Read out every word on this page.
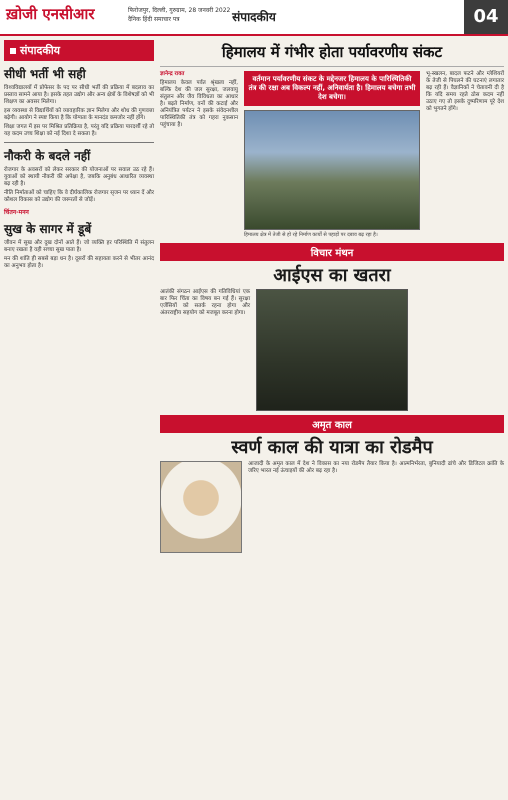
ख़ोजी एनसीआर	फिरोजपुर, दिल्ली, गुरुग्राम, 28 जनवरी 2022
दैनिक हिंदी समाचार पत्र	संपादकीय	04
संपादकीय
सीधी भर्ती भी सही

विश्वविद्यालयों में प्रोफेसर के पद पर सीधी भर्ती की प्रक्रिया में बदलाव का प्रस्ताव सामने आया है। इसके तहत उद्योग और अन्य क्षेत्रों के विशेषज्ञों को भी शिक्षण का अवसर मिलेगा।

इस व्यवस्था से विद्यार्थियों को व्यावहारिक ज्ञान मिलेगा और शोध की गुणवत्ता बढ़ेगी। आयोग ने स्पष्ट किया है कि योग्यता के मानदंड कमजोर नहीं होंगे।

शिक्षा जगत में इस पर मिश्रित प्रतिक्रिया है, परंतु यदि प्रक्रिया पारदर्शी रहे तो यह कदम उच्च शिक्षा को नई दिशा दे सकता है।

नौकरी के बदले नहीं

रोजगार के अवसरों को लेकर सरकार की योजनाओं पर सवाल उठ रहे हैं। युवाओं को स्थायी नौकरी की अपेक्षा है, जबकि अनुबंध आधारित व्यवस्था बढ़ रही है।

नीति निर्माताओं को चाहिए कि वे दीर्घकालिक रोजगार सृजन पर ध्यान दें और कौशल विकास को उद्योग की जरूरतों से जोड़ें।

चिंतन-मनन
सुख के सागर में डूबें

जीवन में सुख और दुख दोनों आते हैं। जो व्यक्ति हर परिस्थिति में संतुलन बनाए रखता है वही सच्चा सुख पाता है।

मन की शांति ही सबसे बड़ा धन है। दूसरों की सहायता करने से भीतर आनंद का अनुभव होता है।

हिमालय में गंभीर होता पर्यावरणीय संकट

ज्ञानेन्द्र रावत

हिमालय केवल पर्वत श्रृंखला नहीं, बल्कि देश की जल सुरक्षा, जलवायु संतुलन और जैव विविधता का आधार है। बढ़ते निर्माण, वनों की कटाई और अनियंत्रित पर्यटन ने इसके संवेदनशील पारिस्थितिकी तंत्र को गहरा नुकसान पहुंचाया है।

वर्तमान पर्यावरणीय संकट के मद्देनजर हिमालय के पारिस्थितिकी तंत्र की रक्षा अब विकल्प नहीं, अनिवार्यता है। हिमालय बचेगा तभी देश बचेगा।
हिमालय क्षेत्र में तेजी से हो रहे निर्माण कार्यों से पहाड़ों पर दबाव बढ़ रहा है।

भू-स्खलन, बादल फटने और ग्लेशियरों के तेजी से पिघलने की घटनाएं लगातार बढ़ रही हैं। वैज्ञानिकों ने चेतावनी दी है कि यदि समय रहते ठोस कदम नहीं उठाए गए तो इसके दुष्परिणाम पूरे देश को भुगतने होंगे।

विचार मंथन
आईएस का खतरा

आतंकी संगठन आईएस की गतिविधियां एक बार फिर चिंता का विषय बन गई हैं। सुरक्षा एजेंसियों को सतर्क रहना होगा और अंतरराष्ट्रीय सहयोग को मजबूत करना होगा।

अमृत काल
स्वर्ण काल की यात्रा का रोडमैप

आजादी के अमृत काल में देश ने विकास का नया रोडमैप तैयार किया है। आत्मनिर्भरता, बुनियादी ढांचे और डिजिटल क्रांति के जरिए भारत नई ऊंचाइयों की ओर बढ़ रहा है।
